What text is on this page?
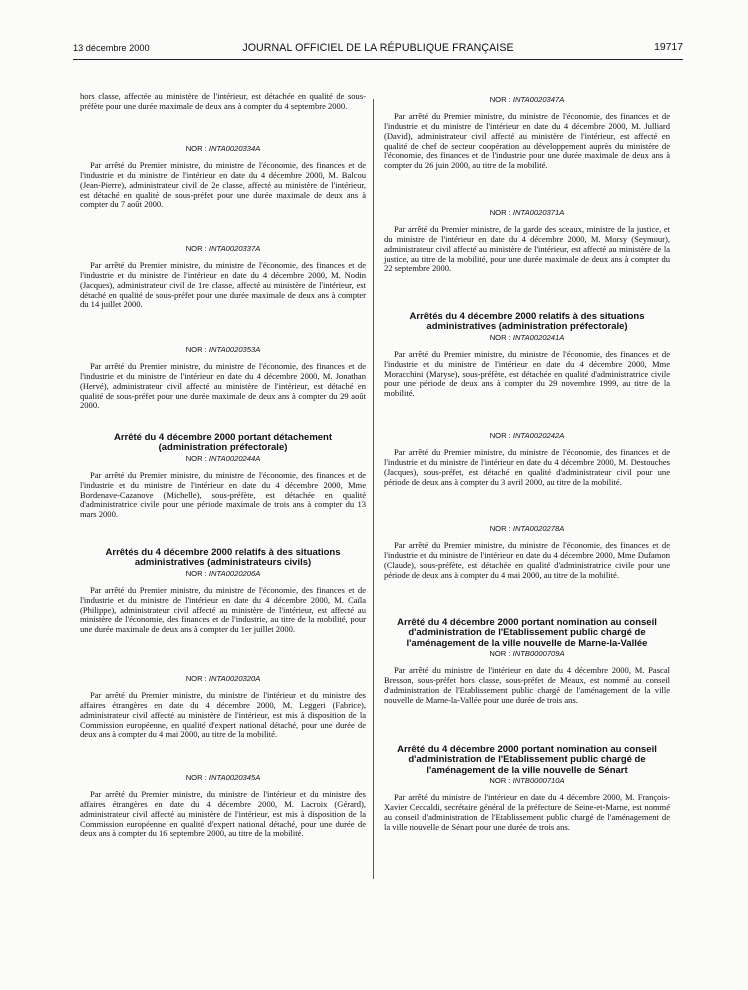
13 décembre 2000	JOURNAL OFFICIEL DE LA RÉPUBLIQUE FRANÇAISE	19717

hors classe, affectée au ministère de l'intérieur, est détachée en qualité de sous-préfète pour une durée maximale de deux ans à compter du 4 septembre 2000.

NOR : INTA0020334A

Par arrêté du Premier ministre, du ministre de l'économie, des finances et de l'industrie et du ministre de l'intérieur en date du 4 décembre 2000, M. Balcou (Jean-Pierre), administrateur civil de 2e classe, affecté au ministère de l'intérieur, est détaché en qualité de sous-préfet pour une durée maximale de deux ans à compter du 7 août 2000.

NOR : INTA0020337A

Par arrêté du Premier ministre, du ministre de l'économie, des finances et de l'industrie et du ministre de l'intérieur en date du 4 décembre 2000, M. Nodin (Jacques), administrateur civil de 1re classe, affecté au ministère de l'intérieur, est détaché en qualité de sous-préfet pour une durée maximale de deux ans à compter du 14 juillet 2000.

NOR : INTA0020353A

Par arrêté du Premier ministre, du ministre de l'économie, des finances et de l'industrie et du ministre de l'intérieur en date du 4 décembre 2000, M. Jonathan (Hervé), administrateur civil affecté au ministère de l'intérieur, est détaché en qualité de sous-préfet pour une durée maximale de deux ans à compter du 29 août 2000.

Arrêté du 4 décembre 2000 portant détachement (administration préfectorale)

NOR : INTA0020244A

Par arrêté du Premier ministre, du ministre de l'économie, des finances et de l'industrie et du ministre de l'intérieur en date du 4 décembre 2000, Mme Bordenave-Cazanove (Michelle), sous-préfète, est détachée en qualité d'administratrice civile pour une période maximale de trois ans à compter du 13 mars 2000.

Arrêtés du 4 décembre 2000 relatifs à des situations administratives (administrateurs civils)

NOR : INTA0020206A

Par arrêté du Premier ministre, du ministre de l'économie, des finances et de l'industrie et du ministre de l'intérieur en date du 4 décembre 2000, M. Caïla (Philippe), administrateur civil affecté au ministère de l'intérieur, est affecté au ministère de l'économie, des finances et de l'industrie, au titre de la mobilité, pour une durée maximale de deux ans à compter du 1er juillet 2000.

NOR : INTA0020320A

Par arrêté du Premier ministre, du ministre de l'intérieur et du ministre des affaires étrangères en date du 4 décembre 2000, M. Leggeri (Fabrice), administrateur civil affecté au ministère de l'intérieur, est mis à disposition de la Commission européenne, en qualité d'expert national détaché, pour une durée de deux ans à compter du 4 mai 2000, au titre de la mobilité.

NOR : INTA0020345A

Par arrêté du Premier ministre, du ministre de l'intérieur et du ministre des affaires étrangères en date du 4 décembre 2000, M. Lacroix (Gérard), administrateur civil affecté au ministère de l'intérieur, est mis à disposition de la Commission européenne en qualité d'expert national détaché, pour une durée de deux ans à compter du 16 septembre 2000, au titre de la mobilité.

NOR : INTA0020347A

Par arrêté du Premier ministre, du ministre de l'économie, des finances et de l'industrie et du ministre de l'intérieur en date du 4 décembre 2000, M. Julliard (David), administrateur civil affecté au ministère de l'intérieur, est affecté en qualité de chef de secteur coopération au développement auprès du ministère de l'économie, des finances et de l'industrie pour une durée maximale de deux ans à compter du 26 juin 2000, au titre de la mobilité.

NOR : INTA0020371A

Par arrêté du Premier ministre, de la garde des sceaux, ministre de la justice, et du ministre de l'intérieur en date du 4 décembre 2000, M. Morsy (Seymour), administrateur civil affecté au ministère de l'intérieur, est affecté au ministère de la justice, au titre de la mobilité, pour une durée maximale de deux ans à compter du 22 septembre 2000.

Arrêtés du 4 décembre 2000 relatifs à des situations administratives (administration préfectorale)

NOR : INTA0020241A

Par arrêté du Premier ministre, du ministre de l'économie, des finances et de l'industrie et du ministre de l'intérieur en date du 4 décembre 2000, Mme Moracchini (Maryse), sous-préfète, est détachée en qualité d'administratrice civile pour une période de deux ans à compter du 29 novembre 1999, au titre de la mobilité.

NOR : INTA0020242A

Par arrêté du Premier ministre, du ministre de l'économie, des finances et de l'industrie et du ministre de l'intérieur en date du 4 décembre 2000, M. Destouches (Jacques), sous-préfet, est détaché en qualité d'administrateur civil pour une période de deux ans à compter du 3 avril 2000, au titre de la mobilité.

NOR : INTA0020278A

Par arrêté du Premier ministre, du ministre de l'économie, des finances et de l'industrie et du ministre de l'intérieur en date du 4 décembre 2000, Mme Dufamon (Claude), sous-préfète, est détachée en qualité d'administratrice civile pour une période de deux ans à compter du 4 mai 2000, au titre de la mobilité.

Arrêté du 4 décembre 2000 portant nomination au conseil d'administration de l'Etablissement public chargé de l'aménagement de la ville nouvelle de Marne-la-Vallée

NOR : INTB0000709A

Par arrêté du ministre de l'intérieur en date du 4 décembre 2000, M. Pascal Bresson, sous-préfet hors classe, sous-préfet de Meaux, est nommé au conseil d'administration de l'Etablissement public chargé de l'aménagement de la ville nouvelle de Marne-la-Vallée pour une durée de trois ans.

Arrêté du 4 décembre 2000 portant nomination au conseil d'administration de l'Etablissement public chargé de l'aménagement de la ville nouvelle de Sénart

NOR : INTB0000710A

Par arrêté du ministre de l'intérieur en date du 4 décembre 2000, M. François-Xavier Ceccaldi, secrétaire général de la préfecture de Seine-et-Marne, est nommé au conseil d'administration de l'Etablissement public chargé de l'aménagement de la ville nouvelle de Sénart pour une durée de trois ans.
